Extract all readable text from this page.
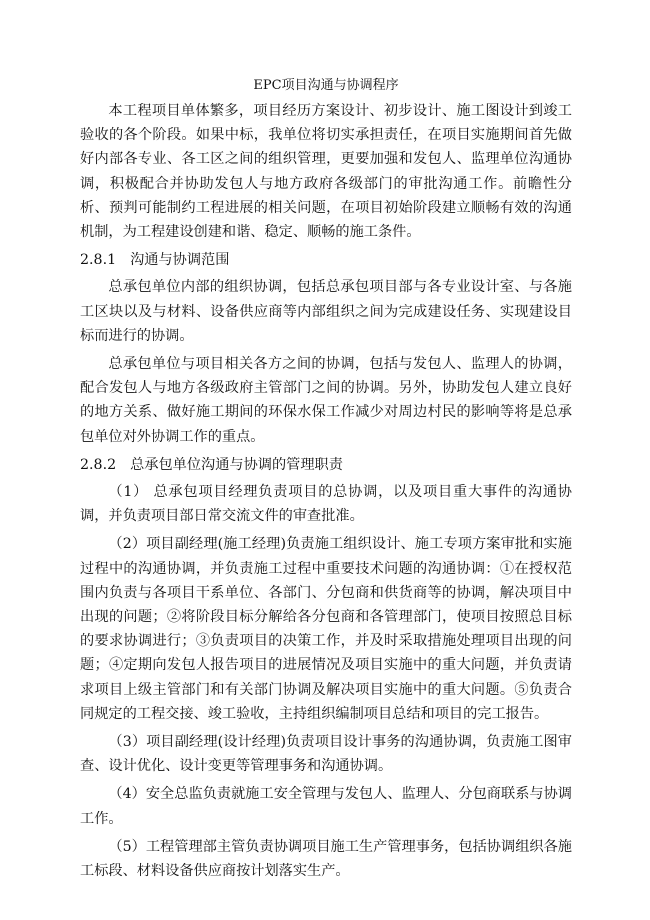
EPC项目沟通与协调程序

本工程项目单体繁多，项目经历方案设计、初步设计、施工图设计到竣工验收的各个阶段。如果中标，我单位将切实承担责任，在项目实施期间首先做好内部各专业、各工区之间的组织管理，更要加强和发包人、监理单位沟通协调，积极配合并协助发包人与地方政府各级部门的审批沟通工作。前瞻性分析、预判可能制约工程进展的相关问题，在项目初始阶段建立顺畅有效的沟通机制，为工程建设创建和谐、稳定、顺畅的施工条件。

2.8.1 沟通与协调范围

总承包单位内部的组织协调，包括总承包项目部与各专业设计室、与各施工区块以及与材料、设备供应商等内部组织之间为完成建设任务、实现建设目标而进行的协调。

总承包单位与项目相关各方之间的协调，包括与发包人、监理人的协调，配合发包人与地方各级政府主管部门之间的协调。另外，协助发包人建立良好的地方关系、做好施工期间的环保水保工作减少对周边村民的影响等将是总承包单位对外协调工作的重点。

2.8.2 总承包单位沟通与协调的管理职责

（1） 总承包项目经理负责项目的总协调，以及项目重大事件的沟通协调，并负责项目部日常交流文件的审查批准。

（2）项目副经理(施工经理)负责施工组织设计、施工专项方案审批和实施过程中的沟通协调，并负责施工过程中重要技术问题的沟通协调：①在授权范围内负责与各项目干系单位、各部门、分包商和供货商等的协调，解决项目中出现的问题；②将阶段目标分解给各分包商和各管理部门，使项目按照总目标的要求协调进行；③负责项目的决策工作，并及时采取措施处理项目出现的问题；④定期向发包人报告项目的进展情况及项目实施中的重大问题，并负责请求项目上级主管部门和有关部门协调及解决项目实施中的重大问题。⑤负责合同规定的工程交接、竣工验收，主持组织编制项目总结和项目的完工报告。

（3）项目副经理(设计经理)负责项目设计事务的沟通协调，负责施工图审查、设计优化、设计变更等管理事务和沟通协调。

（4）安全总监负责就施工安全管理与发包人、监理人、分包商联系与协调工作。

（5）工程管理部主管负责协调项目施工生产管理事务，包括协调组织各施工标段、材料设备供应商按计划落实生产。
